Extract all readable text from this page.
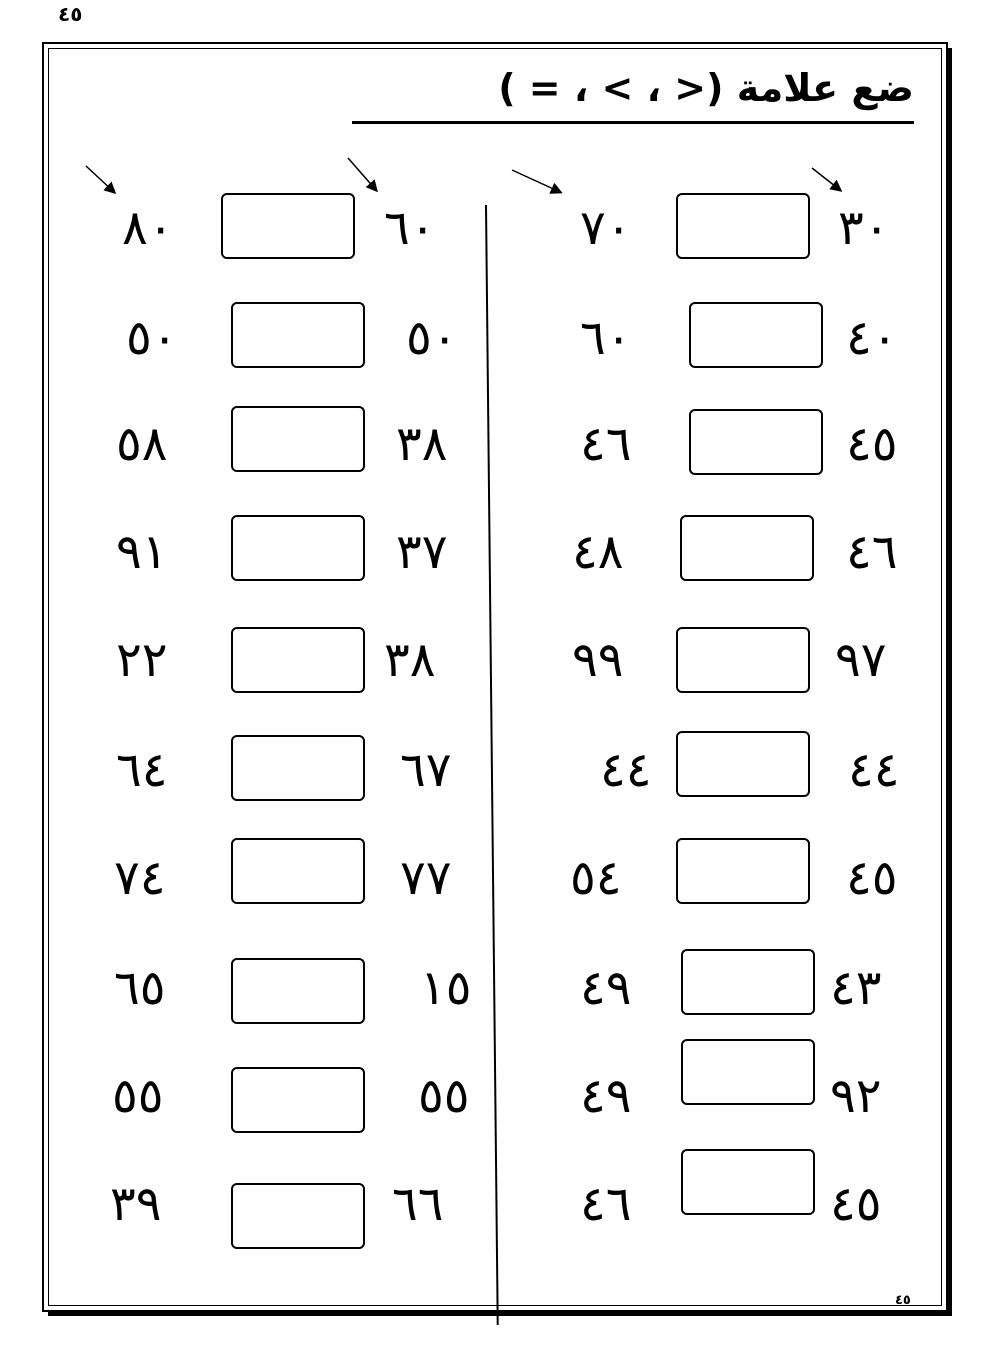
٤٥
ضع علامة (< ، > ، = )
٧٠	٣٠
٦٠	٤٠
٤٦	٤٥
٤٨	٤٦
٩٩	٩٧
٤٤	٤٤
٥٤	٤٥
٤٩	٤٣
٤٩	٩٢
٤٦	٤٥
٨٠	٦٠
٥٠	٥٠
٥٨	٣٨
٩١	٣٧
٢٢	٣٨
٦٤	٦٧
٧٤	٧٧
٦٥	١٥
٥٥	٥٥
٣٩	٦٦
٤٥
